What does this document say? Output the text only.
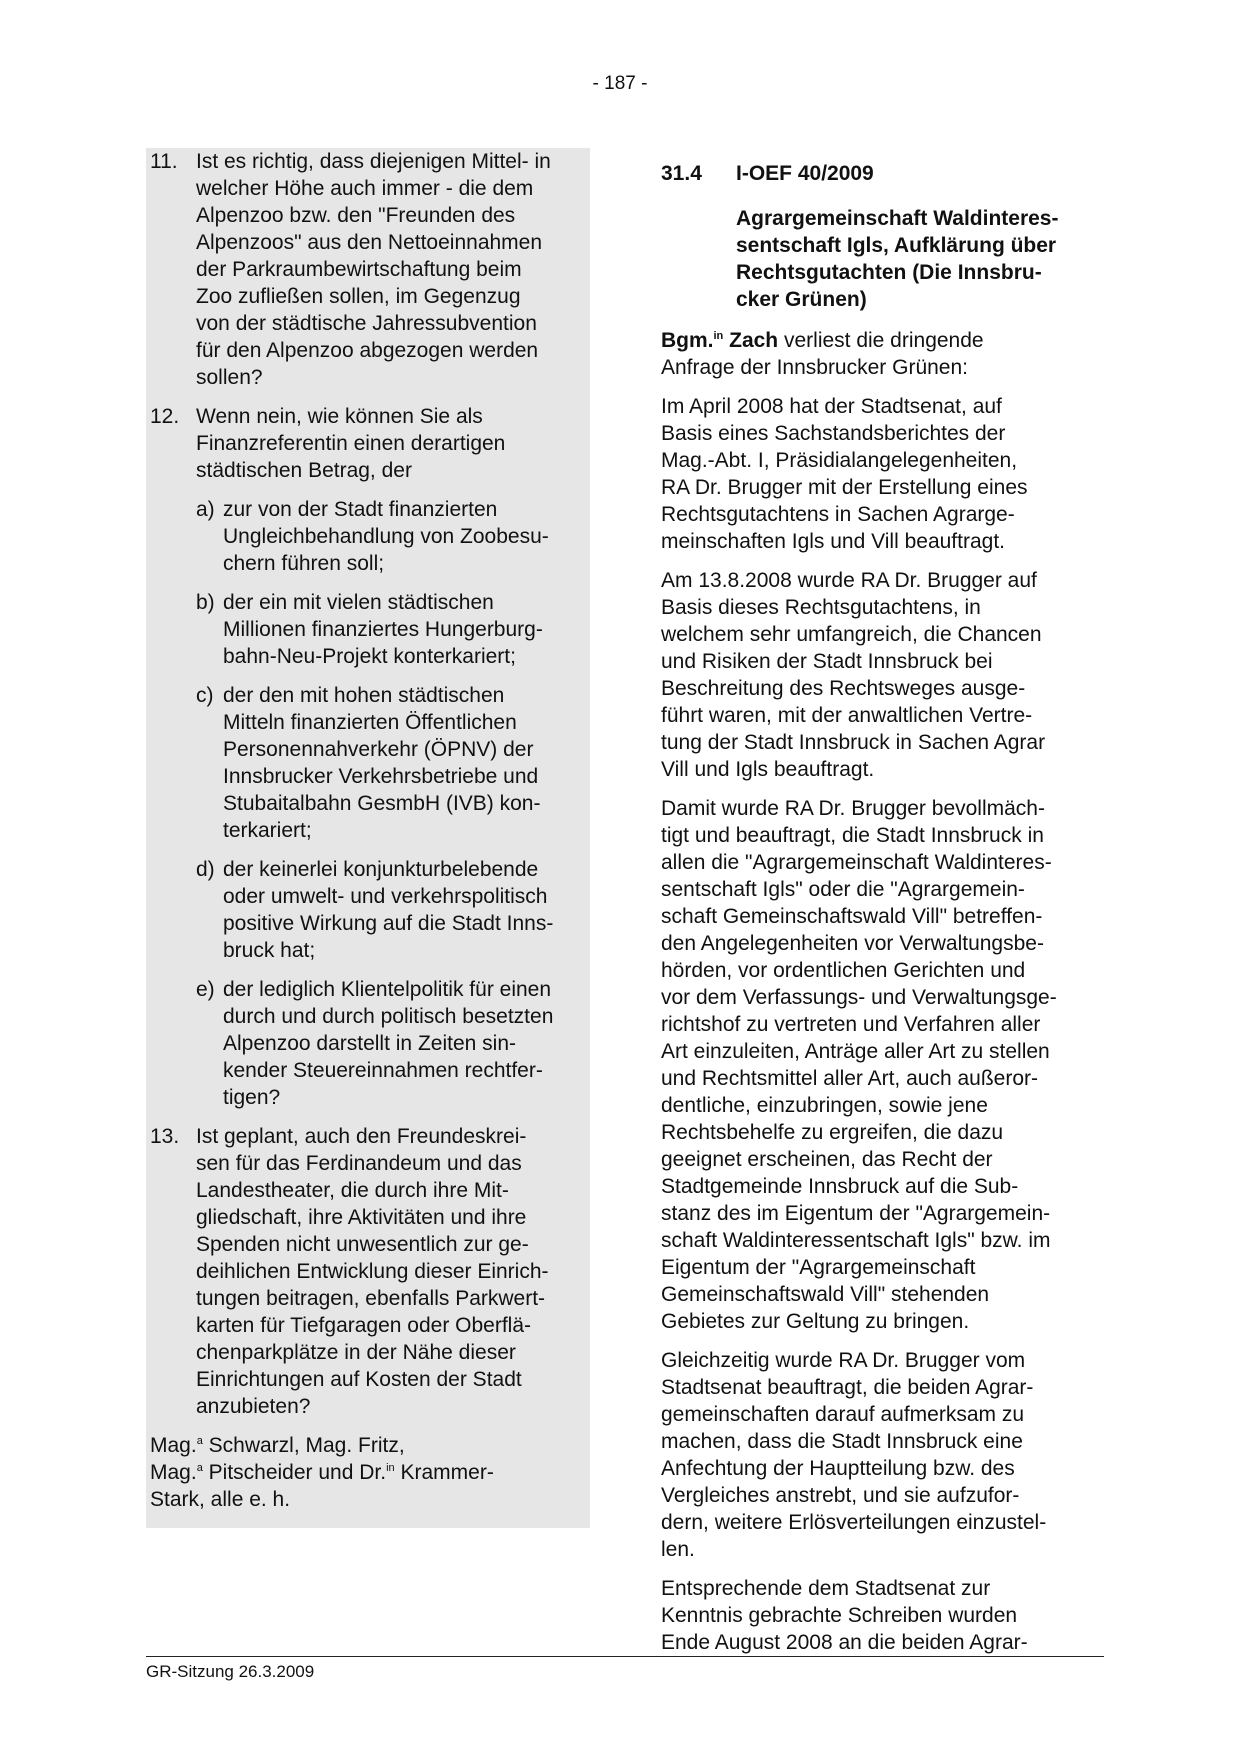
- 187 -
11. Ist es richtig, dass diejenigen Mittel- in
welcher Höhe auch immer - die dem
Alpenzoo bzw. den "Freunden des
Alpenzoos" aus den Nettoeinnahmen
der Parkraumbewirtschaftung beim
Zoo zufließen sollen, im Gegenzug
von der städtische Jahressubvention
für den Alpenzoo abgezogen werden
sollen?
12. Wenn nein, wie können Sie als
Finanzreferentin einen derartigen
städtischen Betrag, der
a) zur von der Stadt finanzierten
Ungleichbehandlung von Zoobesu-
chern führen soll;
b) der ein mit vielen städtischen
Millionen finanziertes Hungerburg-
bahn-Neu-Projekt konterkariert;
c) der den mit hohen städtischen
Mitteln finanzierten Öffentlichen
Personennahverkehr (ÖPNV) der
Innsbrucker Verkehrsbetriebe und
Stubaitalbahn GesmbH (IVB) kon-
terkariert;
d) der keinerlei konjunkturbelebende
oder umwelt- und verkehrspolitisch
positive Wirkung auf die Stadt Inns-
bruck hat;
e) der lediglich Klientelpolitik für einen
durch und durch politisch besetzten
Alpenzoo darstellt in Zeiten sin-
kender Steuereinnahmen rechtfer-
tigen?
13. Ist geplant, auch den Freundeskrei-
sen für das Ferdinandeum und das
Landestheater, die durch ihre Mit-
gliedschaft, ihre Aktivitäten und ihre
Spenden nicht unwesentlich zur ge-
deihlichen Entwicklung dieser Einrich-
tungen beitragen, ebenfalls Parkwert-
karten für Tiefgaragen oder Oberflä-
chenparkplätze in der Nähe dieser
Einrichtungen auf Kosten der Stadt
anzubieten?
Mag.$^a$ Schwarzl, Mag. Fritz,
Mag.$^a$ Pitscheider und Dr.$^{in}$ Krammer-
Stark, alle e. h.
31.4	I-OEF 40/2009
Agrargemeinschaft Waldinteres-
sentschaft Igls, Aufklärung über
Rechtsgutachten (Die Innsbru-
cker Grünen)
Bgm.$^{in}$ Zach verliest die dringende
Anfrage der Innsbrucker Grünen:
Im April 2008 hat der Stadtsenat, auf
Basis eines Sachstandsberichtes der
Mag.-Abt. I, Präsidialangelegenheiten,
RA Dr. Brugger mit der Erstellung eines
Rechtsgutachtens in Sachen Agrarge-
meinschaften Igls und Vill beauftragt.
Am 13.8.2008 wurde RA Dr. Brugger auf
Basis dieses Rechtsgutachtens, in
welchem sehr umfangreich, die Chancen
und Risiken der Stadt Innsbruck bei
Beschreitung des Rechtsweges ausge-
führt waren, mit der anwaltlichen Vertre-
tung der Stadt Innsbruck in Sachen Agrar
Vill und Igls beauftragt.
Damit wurde RA Dr. Brugger bevollmäch-
tigt und beauftragt, die Stadt Innsbruck in
allen die "Agrargemeinschaft Waldinteres-
sentschaft Igls" oder die "Agrargemein-
schaft Gemeinschaftswald Vill" betreffen-
den Angelegenheiten vor Verwaltungsbe-
hörden, vor ordentlichen Gerichten und
vor dem Verfassungs- und Verwaltungsge-
richtshof zu vertreten und Verfahren aller
Art einzuleiten, Anträge aller Art zu stellen
und Rechtsmittel aller Art, auch außeror-
dentliche, einzubringen, sowie jene
Rechtsbehelfe zu ergreifen, die dazu
geeignet erscheinen, das Recht der
Stadtgemeinde Innsbruck auf die Sub-
stanz des im Eigentum der "Agrargemein-
schaft Waldinteressentschaft Igls" bzw. im
Eigentum der "Agrargemeinschaft
Gemeinschaftswald Vill" stehenden
Gebietes zur Geltung zu bringen.
Gleichzeitig wurde RA Dr. Brugger vom
Stadtsenat beauftragt, die beiden Agrar-
gemeinschaften darauf aufmerksam zu
machen, dass die Stadt Innsbruck eine
Anfechtung der Hauptteilung bzw. des
Vergleiches anstrebt, und sie aufzufor-
dern, weitere Erlösverteilungen einzustel-
len.
Entsprechende dem Stadtsenat zur
Kenntnis gebrachte Schreiben wurden
Ende August 2008 an die beiden Agrar-
GR-Sitzung 26.3.2009
